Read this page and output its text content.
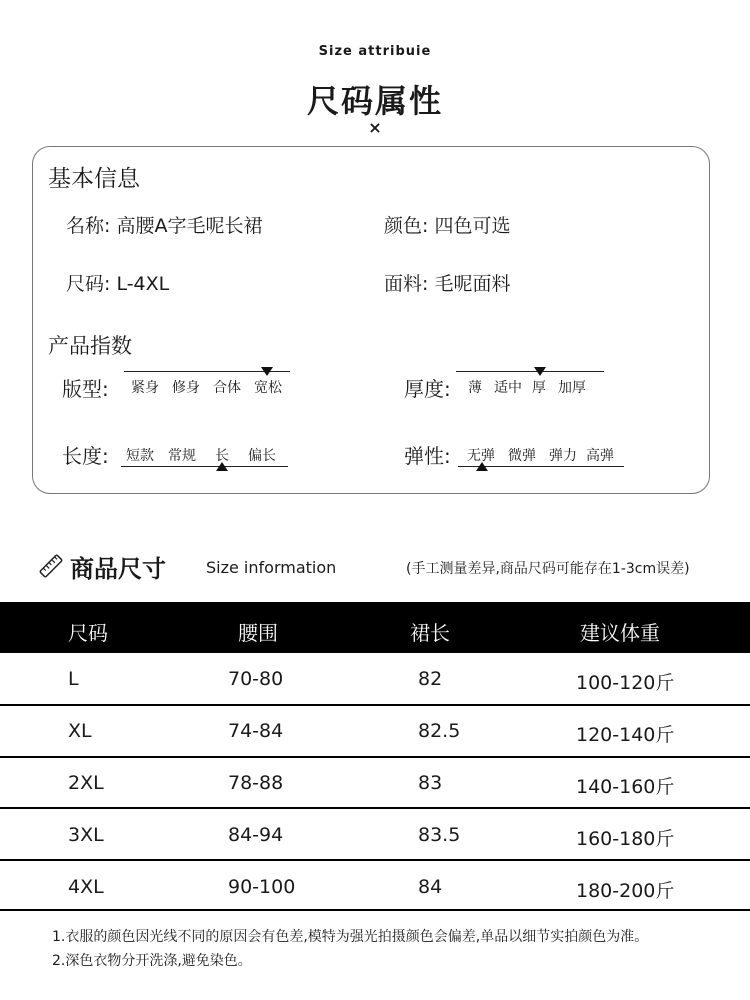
Size attribuie
尺码属性
×
基本信息
名称: 高腰A字毛呢长裙	颜色: 四色可选
尺码: L-4XL	面料: 毛呢面料
产品指数
版型: 紧身 修身 合体 宽松	厚度: 薄 适中 厚 加厚
长度: 短款 常规 长 偏长	弹性: 无弹 微弹 弹力 高弹
商品尺寸	Size information	(手工测量差异,商品尺码可能存在1-3cm误差)
尺码	腰围	裙长	建议体重
L	70-80	82	100-120斤
XL	74-84	82.5	120-140斤
2XL	78-88	83	140-160斤
3XL	84-94	83.5	160-180斤
4XL	90-100	84	180-200斤
1.衣服的颜色因光线不同的原因会有色差,模特为强光拍摄颜色会偏差,单品以细节实拍颜色为准。
2.深色衣物分开洗涤,避免染色。
